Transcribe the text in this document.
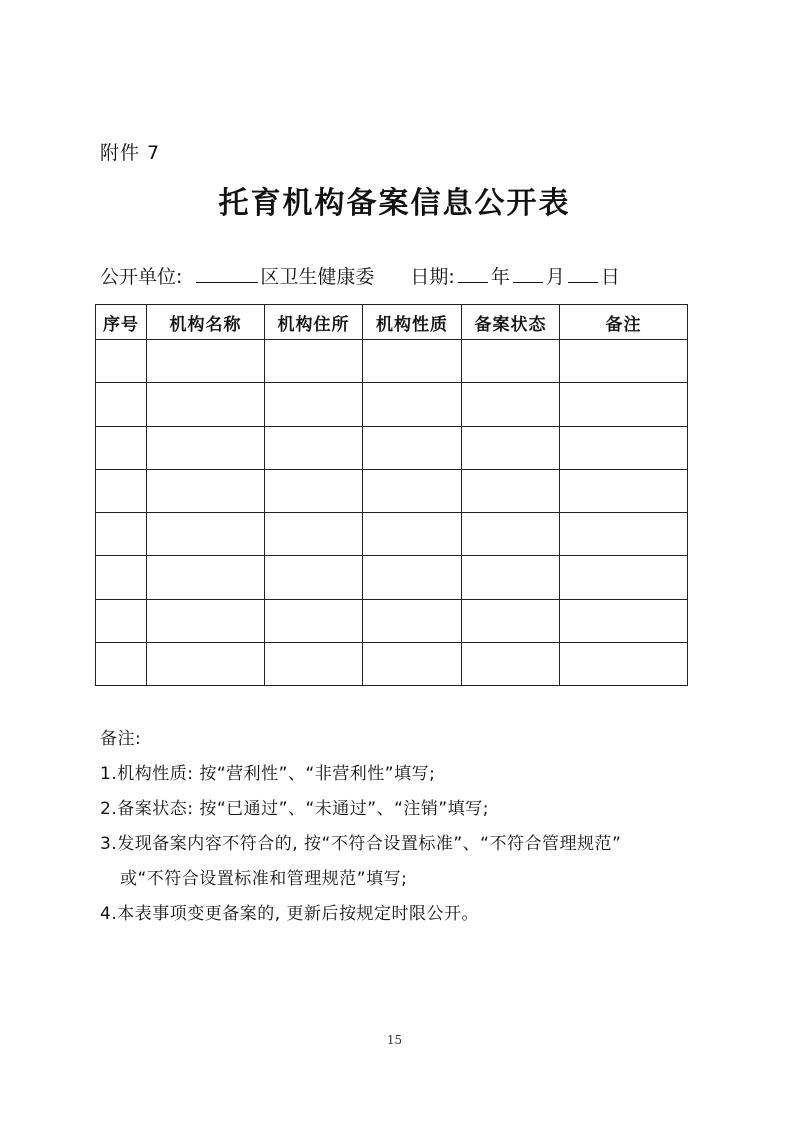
附件 7
托育机构备案信息公开表
公开单位:	区卫生健康委 日期: 年 月 日
序号	机构名称	机构住所	机构性质	备案状态	备注

备注:
1.机构性质: 按“营利性”、“非营利性”填写;
2.备案状态: 按“已通过”、“未通过”、“注销”填写;
3.发现备案内容不符合的, 按“不符合设置标准”、“不符合管理规范”
或“不符合设置标准和管理规范”填写;
4.本表事项变更备案的, 更新后按规定时限公开。
15
